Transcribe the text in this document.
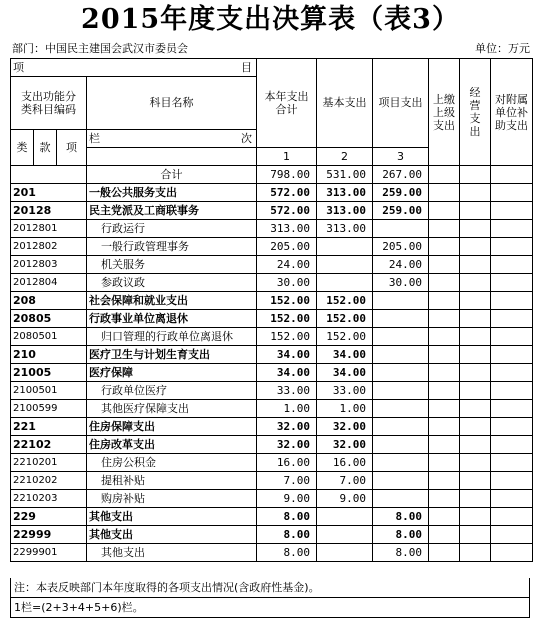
2015年度支出决算表（表3）
部门：中国民主建国会武汉市委员会	单位：万元
项 目				本年支出合计	基本支出	项目支出	上缴上级支出	经营支出	对附属单位补助支出
支出功能分类科目编码			科目名称						
类	款	项	栏 次						

				1	2	3			
			合计	798.00	531.00	267.00			
201			一般公共服务支出	572.00	313.00	259.00			
20128			民主党派及工商联事务	572.00	313.00	259.00			
2012801			行政运行	313.00	313.00				
2012802			一般行政管理事务	205.00		205.00			
2012803			机关服务	24.00		24.00			
2012804			参政议政	30.00		30.00			
208			社会保障和就业支出	152.00	152.00				
20805			行政事业单位离退休	152.00	152.00				
2080501			归口管理的行政单位离退休	152.00	152.00				
210			医疗卫生与计划生育支出	34.00	34.00				
21005			医疗保障	34.00	34.00				
2100501			行政单位医疗	33.00	33.00				
2100599			其他医疗保障支出	1.00	1.00				
221			住房保障支出	32.00	32.00				
22102			住房改革支出	32.00	32.00				
2210201			住房公积金	16.00	16.00				
2210202			提租补贴	7.00	7.00				
2210203			购房补贴	9.00	9.00				
229			其他支出	8.00		8.00			
22999			其他支出	8.00		8.00			
2299901			其他支出	8.00		8.00			
注：本表反映部门本年度取得的各项支出情况(含政府性基金)。
1栏=(2+3+4+5+6)栏。
